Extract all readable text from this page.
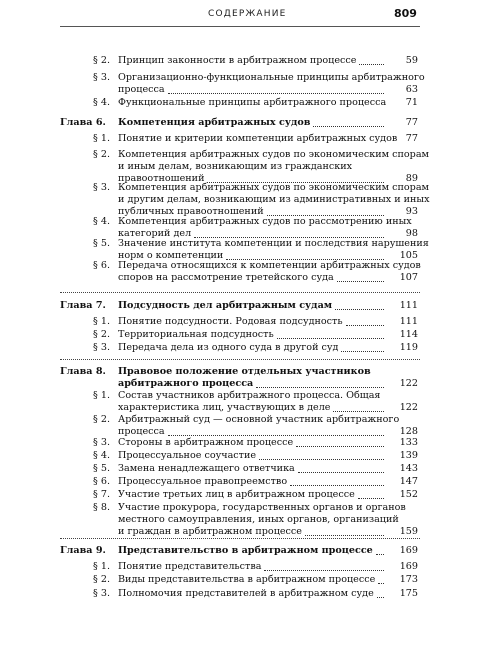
СОДЕРЖАНИЕ	809
§ 2. Принцип законности в арбитражном процессе	59
§ 3. Организационно-функциональные принципы арбитражного
процесса	63
§ 4. Функциональные принципы арбитражного процесса	71
Глава 6. Компетенция арбитражных судов	77
§ 1. Понятие и критерии компетенции арбитражных судов 77
§ 2. Компетенция арбитражных судов по экономическим спорам
и иным делам, возникающим из гражданских
правоотношений	89
§ 3. Компетенция арбитражных судов по экономическим спорам
и другим делам, возникающим из административных и иных
публичных правоотношений	93
§ 4. Компетенция арбитражных судов по рассмотрению иных
категорий дел	98
§ 5. Значение института компетенции и последствия нарушения
норм о компетенции	105
§ 6. Передача относящихся к компетенции арбитражных судов
споров на рассмотрение третейского суда	107
Глава 7. Подсудность дел арбитражным судам	111
§ 1. Понятие подсудности. Родовая подсудность	111
§ 2. Территориальная подсудность	114
§ 3. Передача дела из одного суда в другой суд	119
Глава 8. Правовое положение отдельных участников
арбитражного процесса	122
§ 1. Состав участников арбитражного процесса. Общая
характеристика лиц, участвующих в деле	122
§ 2. Арбитражный суд — основной участник арбитражного
процесса	128
§ 3. Стороны в арбитражном процессе	133
§ 4. Процессуальное соучастие	139
§ 5. Замена ненадлежащего ответчика	143
§ 6. Процессуальное правопреемство	147
§ 7. Участие третьих лиц в арбитражном процессе	152
§ 8. Участие прокурора, государственных органов и органов
местного самоуправления, иных органов, организаций
и граждан в арбитражном процессе	159
Глава 9. Представительство в арбитражном процессе	169
§ 1. Понятие представительства	169
§ 2. Виды представительства в арбитражном процессе	173
§ 3. Полномочия представителей в арбитражном суде	175
